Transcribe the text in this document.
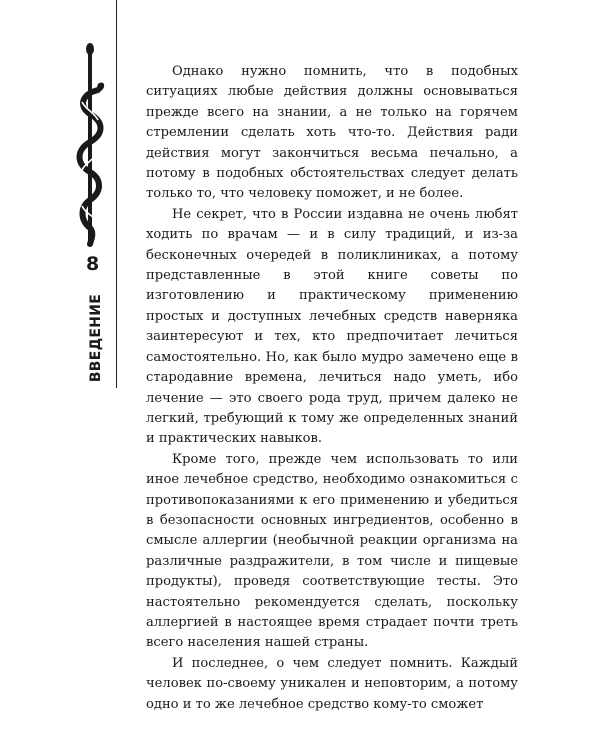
8
ВВЕДЕНИЕ

Однако нужно помнить, что в подобных ситуациях любые действия должны основываться прежде всего на знании, а не только на горячем стремлении сделать хоть что-то. Действия ради действия могут закончиться весьма печально, а потому в подобных обстоятельствах следует делать только то, что человеку поможет, и не более.

Не секрет, что в России издавна не очень любят ходить по врачам — и в силу традиций, и из-за бесконечных очередей в поликлиниках, а потому представленные в этой книге советы по изготовлению и практическому применению простых и доступных лечебных средств наверняка заинтересуют и тех, кто предпочитает лечиться самостоятельно. Но, как было мудро замечено еще в стародавние времена, лечиться надо уметь, ибо лечение — это своего рода труд, причем далеко не легкий, требующий к тому же определенных знаний и практических навыков.

Кроме того, прежде чем использовать то или иное лечебное средство, необходимо ознакомиться с противопоказаниями к его применению и убедиться в безопасности основных ингредиентов, особенно в смысле аллергии (необычной реакции организма на различные раздражители, в том числе и пищевые продукты), проведя соответствующие тесты. Это настоятельно рекомендуется сделать, поскольку аллергией в настоящее время страдает почти треть всего населения нашей страны.

И последнее, о чем следует помнить. Каждый человек по-своему уникален и неповторим, а потому одно и то же лечебное средство кому-то сможет
